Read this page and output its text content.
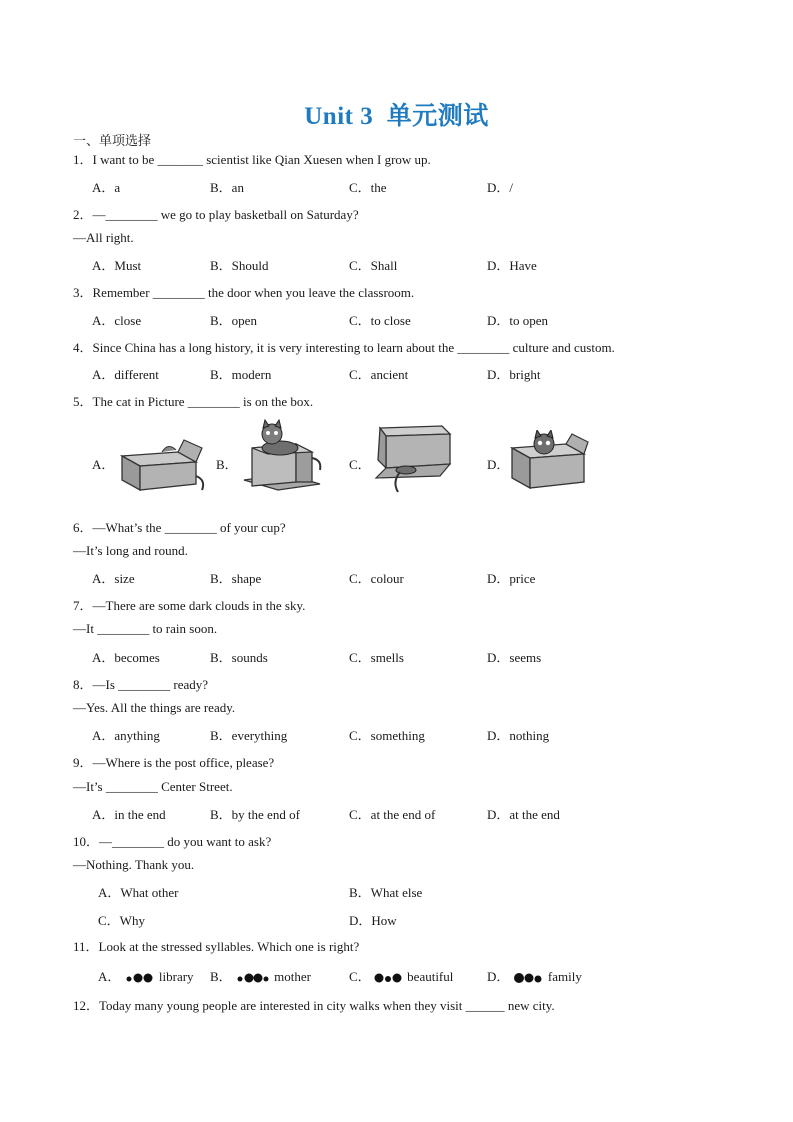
Unit 3 单元测试
一、单项选择
1．I want to be _______ scientist like Qian Xuesen when I grow up.
A．a	B．an	C．the	D．/
2．—________ we go to play basketball on Saturday?
—All right.
A．Must	B．Should	C．Shall	D．Have
3．Remember ________ the door when you leave the classroom.
A．close	B．open	C．to close	D．to open
4．Since China has a long history, it is very interesting to learn about the ________ culture and custom.
A．different	B．modern	C．ancient	D．bright
5．The cat in Picture ________ is on the box.
A．	B．	C．	D．
6．—What’s the ________ of your cup?
—It’s long and round.
A．size	B．shape	C．colour	D．price
7．—There are some dark clouds in the sky.
—It ________ to rain soon.
A．becomes	B．sounds	C．smells	D．seems
8．—Is ________ ready?
—Yes. All the things are ready.
A．anything	B．everything	C．something	D．nothing
9．—Where is the post office, please?
—It’s ________ Center Street.
A．in the end	B．by the end of	C．at the end of	D．at the end
10．—________ do you want to ask?
—Nothing. Thank you.
A．What other	B．What else
C．Why	D．How
11．Look at the stressed syllables. Which one is right?
A．	library B．	mother	C．	beautiful	D．	family
12．Today many young people are interested in city walks when they visit ______ new city.
